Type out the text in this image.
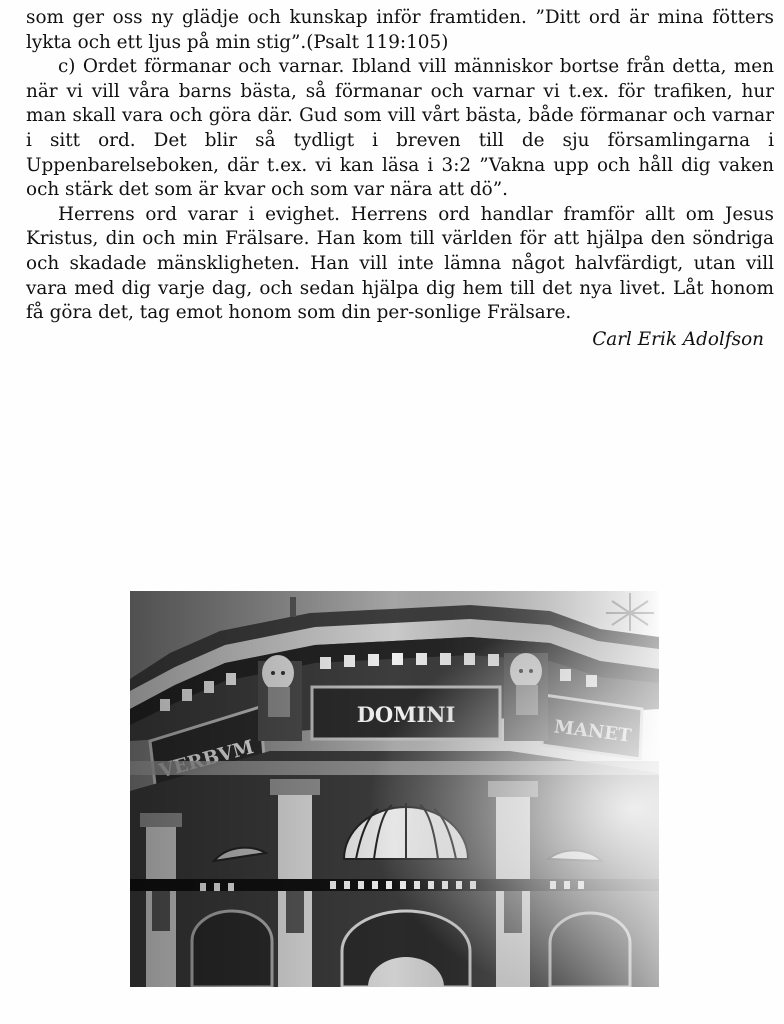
som ger oss ny glädje och kunskap inför framtiden. ”Ditt ord är mina fötters lykta och ett ljus på min stig”.(Psalt 119:105)

c) Ordet förmanar och varnar. Ibland vill människor bortse från detta, men när vi vill våra barns bästa, så förmanar och varnar vi t.ex. för trafiken, hur man skall vara och göra där. Gud som vill vårt bästa, både förmanar och varnar i sitt ord. Det blir så tydligt i breven till de sju församlingarna i Uppenbarelseboken, där t.ex. vi kan läsa i 3:2 ”Vakna upp och håll dig vaken och stärk det som är kvar och som var nära att dö”.

Herrens ord varar i evighet. Herrens ord handlar framför allt om Jesus Kristus, din och min Frälsare. Han kom till världen för att hjälpa den söndriga och skadade mänskligheten. Han vill inte lämna något halvfärdigt, utan vill vara med dig varje dag, och sedan hjälpa dig hem till det nya livet. Låt honom få göra det, tag emot honom som din per-sonlige Frälsare.

Carl Erik Adolfson
